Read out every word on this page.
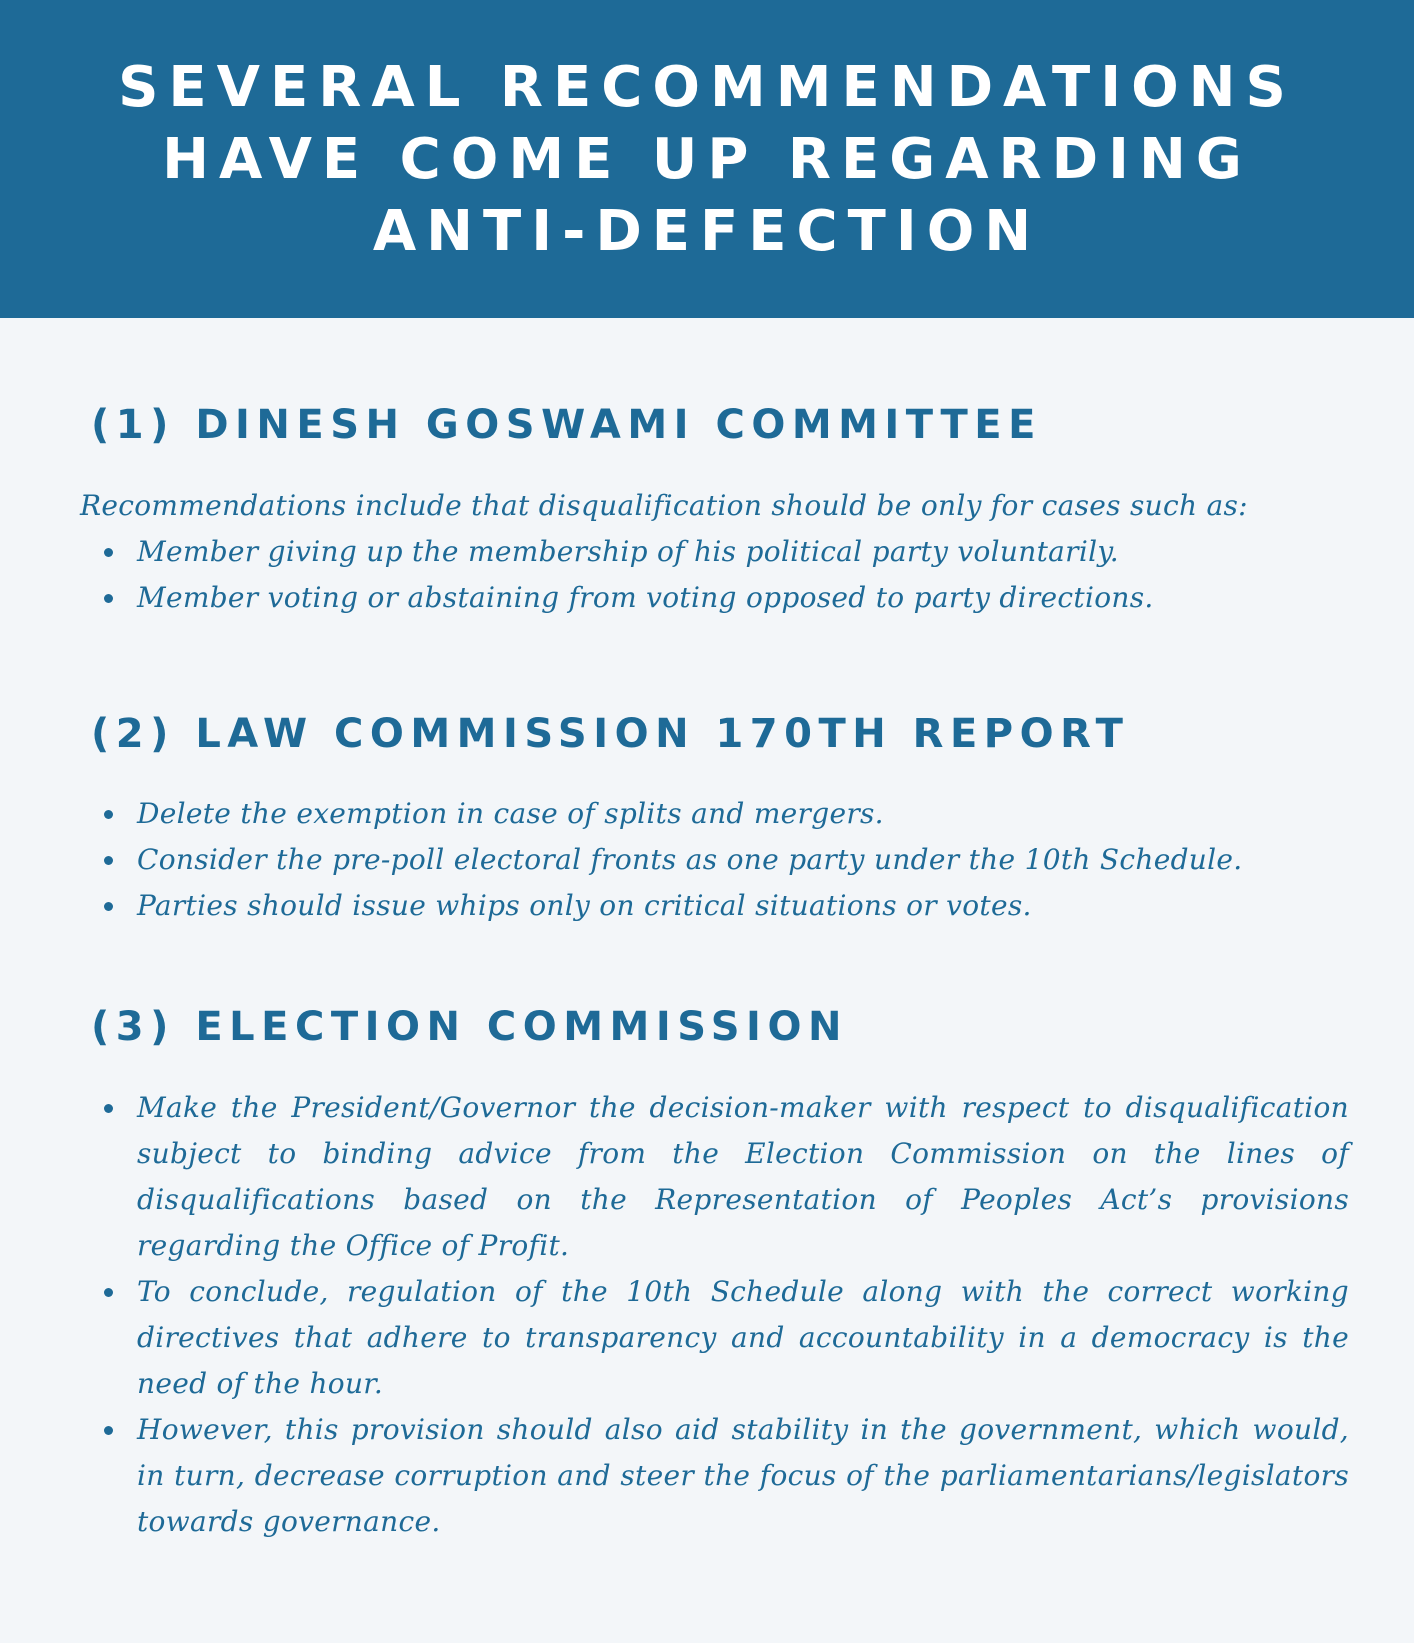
SEVERAL RECOMMENDATIONS
HAVE COME UP REGARDING
ANTI-DEFECTION
(1) DINESH GOSWAMI COMMITTEE

Recommendations include that disqualification should be only for cases such as:

Member giving up the membership of his political party voluntarily.
Member voting or abstaining from voting opposed to party directions.
(2) LAW COMMISSION 170TH REPORT
Delete the exemption in case of splits and mergers.
Consider the pre-poll electoral fronts as one party under the 10th Schedule.
Parties should issue whips only on critical situations or votes.
(3) ELECTION COMMISSION
Make the President/Governor the decision-maker with respect to disqualification subject to binding advice from the Election Commission on the lines of disqualifications based on the Representation of Peoples Act’s provisions regarding the Office of Profit.
To conclude, regulation of the 10th Schedule along with the correct working directives that adhere to transparency and accountability in a democracy is the need of the hour.
However, this provision should also aid stability in the government, which would, in turn, decrease corruption and steer the focus of the parliamentarians/legislators towards governance.
